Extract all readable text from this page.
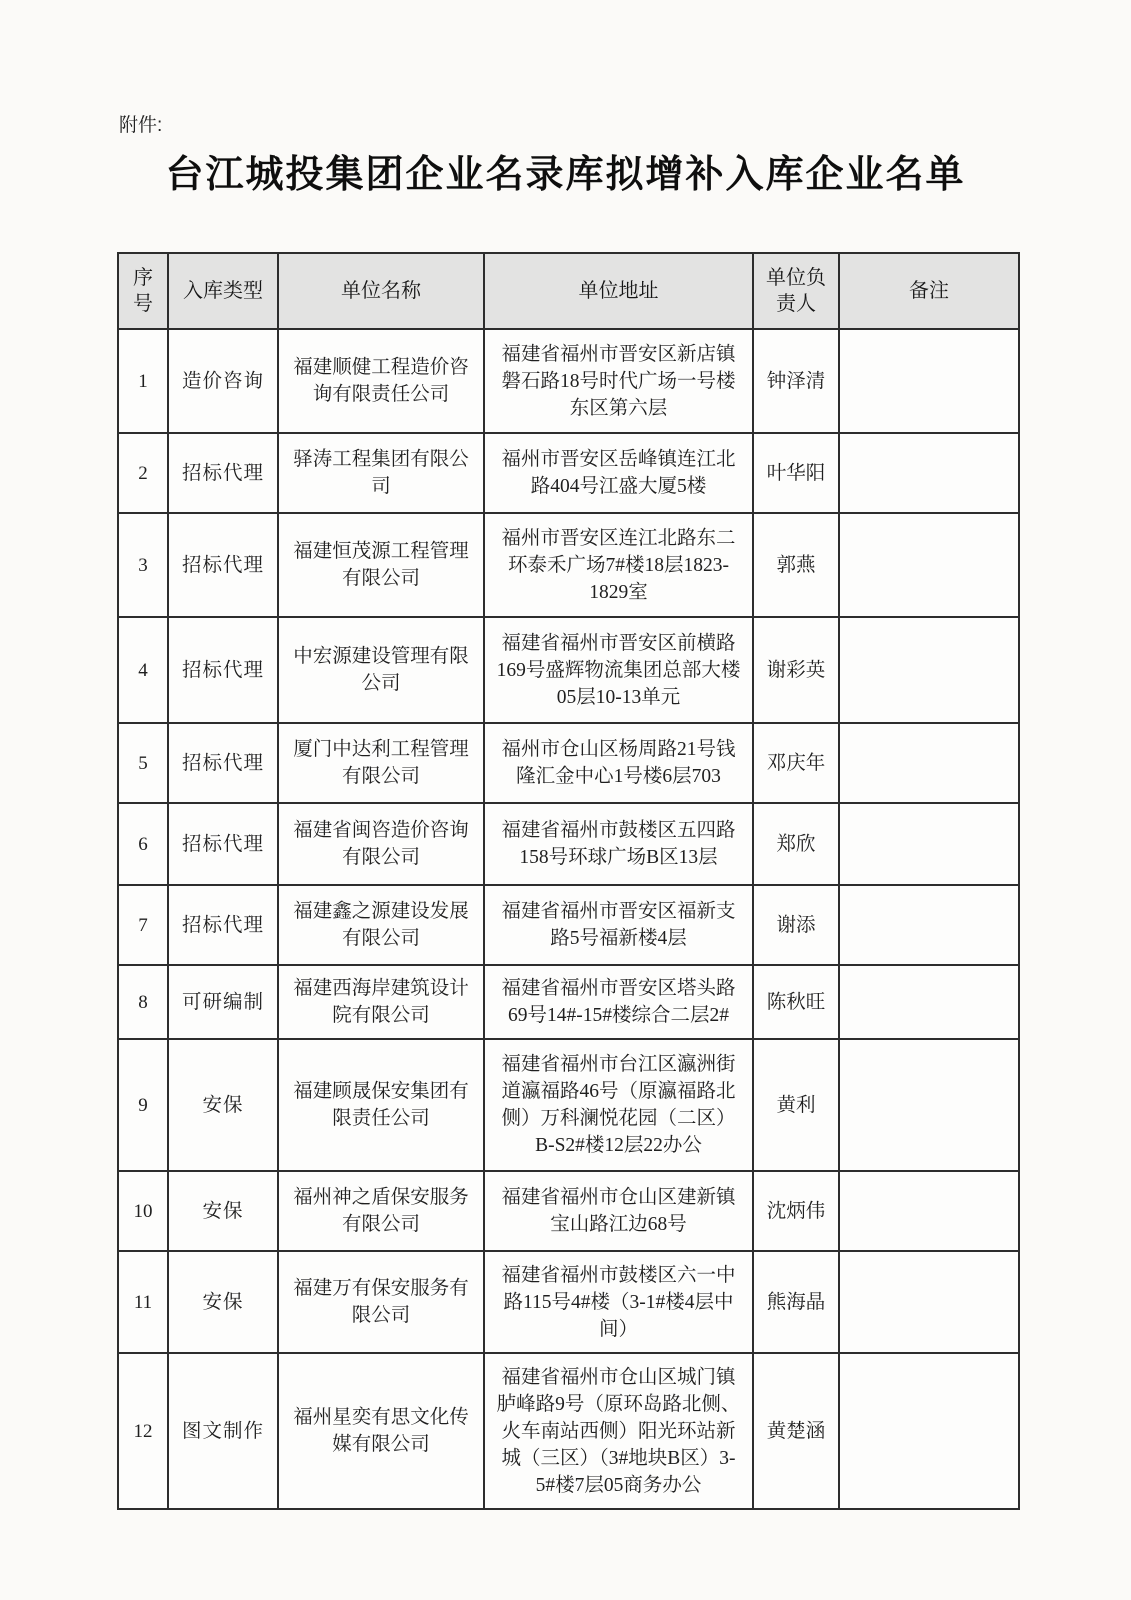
附件:
台江城投集团企业名录库拟增补入库企业名单
序号	入库类型	单位名称	单位地址	单位负责人	备注
1	造价咨询	福建顺健工程造价咨询有限责任公司	福建省福州市晋安区新店镇磐石路18号时代广场一号楼东区第六层	钟泽清	
2	招标代理	驿涛工程集团有限公司	福州市晋安区岳峰镇连江北路404号江盛大厦5楼	叶华阳	
3	招标代理	福建恒茂源工程管理有限公司	福州市晋安区连江北路东二环泰禾广场7#楼18层1823-1829室	郭燕	
4	招标代理	中宏源建设管理有限公司	福建省福州市晋安区前横路169号盛辉物流集团总部大楼05层10-13单元	谢彩英	
5	招标代理	厦门中达利工程管理有限公司	福州市仓山区杨周路21号钱隆汇金中心1号楼6层703	邓庆年	
6	招标代理	福建省闽咨造价咨询有限公司	福建省福州市鼓楼区五四路158号环球广场B区13层	郑欣	
7	招标代理	福建鑫之源建设发展有限公司	福建省福州市晋安区福新支路5号福新楼4层	谢添	
8	可研编制	福建西海岸建筑设计院有限公司	福建省福州市晋安区塔头路69号14#-15#楼综合二层2#	陈秋旺	
9	安保	福建顾晟保安集团有限责任公司	福建省福州市台江区瀛洲街道瀛福路46号（原瀛福路北侧）万科澜悦花园（二区）B-S2#楼12层22办公	黄利	
10	安保	福州神之盾保安服务有限公司	福建省福州市仓山区建新镇宝山路江边68号	沈炳伟	
11	安保	福建万有保安服务有限公司	福建省福州市鼓楼区六一中路115号4#楼（3-1#楼4层中间）	熊海晶	
12	图文制作	福州星奕有思文化传媒有限公司	福建省福州市仓山区城门镇胪峰路9号（原环岛路北侧、火车南站西侧）阳光环站新城（三区）（3#地块B区）3-5#楼7层05商务办公	黄楚涵	
